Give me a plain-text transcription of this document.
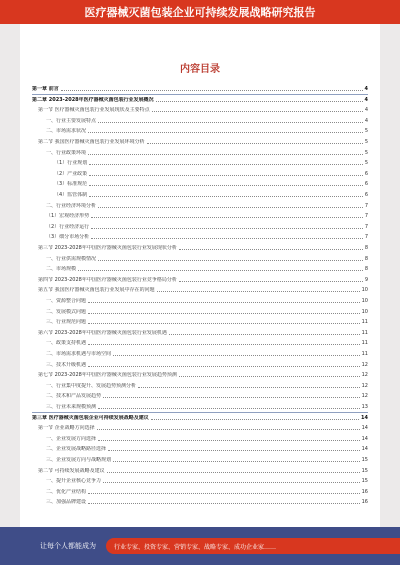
医疗器械灭菌包装企业可持续发展战略研究报告
内容目录
第一章 前言	4
第二章 2023-2028年医疗器械灭菌包装行业发展概况	4
第一节 医疗器械灭菌包装行业发展现状及主要特点	4
一、行业主要发展特点	4
二、市场需求状况	5
第二节 我国医疗器械灭菌包装行业发展环境分析	5
一、行业政策环境	5
（1）行业规划	5
（2）产业政策	6
（3）标准规范	6
（4）监管体制	6
二、行业经济环境分析	7
（1）宏观经济形势	7
（2）行业经济运行	7
（3）细分市场分析	7
第三节 2023-2028年中国医疗器械灭菌包装行业发展现状分析	8
一、行业供需规模情况	8
二、市场规模	8
第四节 2023-2028年中国医疗器械灭菌包装行业竞争格局分析	9
第五节 我国医疗器械灭菌包装行业发展中存在的问题	10
一、资源整合问题	10
二、发展模式问题	10
三、行业规范问题	11
第六节 2023-2028年中国医疗器械灭菌包装行业发展机遇	11
一、政策支持机遇	11
二、市场需求机遇与市场空间	11
三、技术升级机遇	12
第七节 2023-2028年中国医疗器械灭菌包装行业发展趋势预测	12
一、行业集中度提升、发展趋势预测分析	12
二、技术和产品发展趋势	12
三、行业未来规模预测	13
第三章 医疗器械灭菌包装企业可持续发展战略及建议	14
第一节 企业战略方向选择	14
一、企业发展方向选择	14
二、企业发展战略路径选择	14
三、企业发展方向与战略规划	15
第二节 可持续发展战略及建议	15
一、提升企业核心竞争力	15
二、优化产业结构	16
三、加强品牌建设	16
让每个人都能成为	行业专家、投资专家、营销专家、战略专家、成功企业家……
